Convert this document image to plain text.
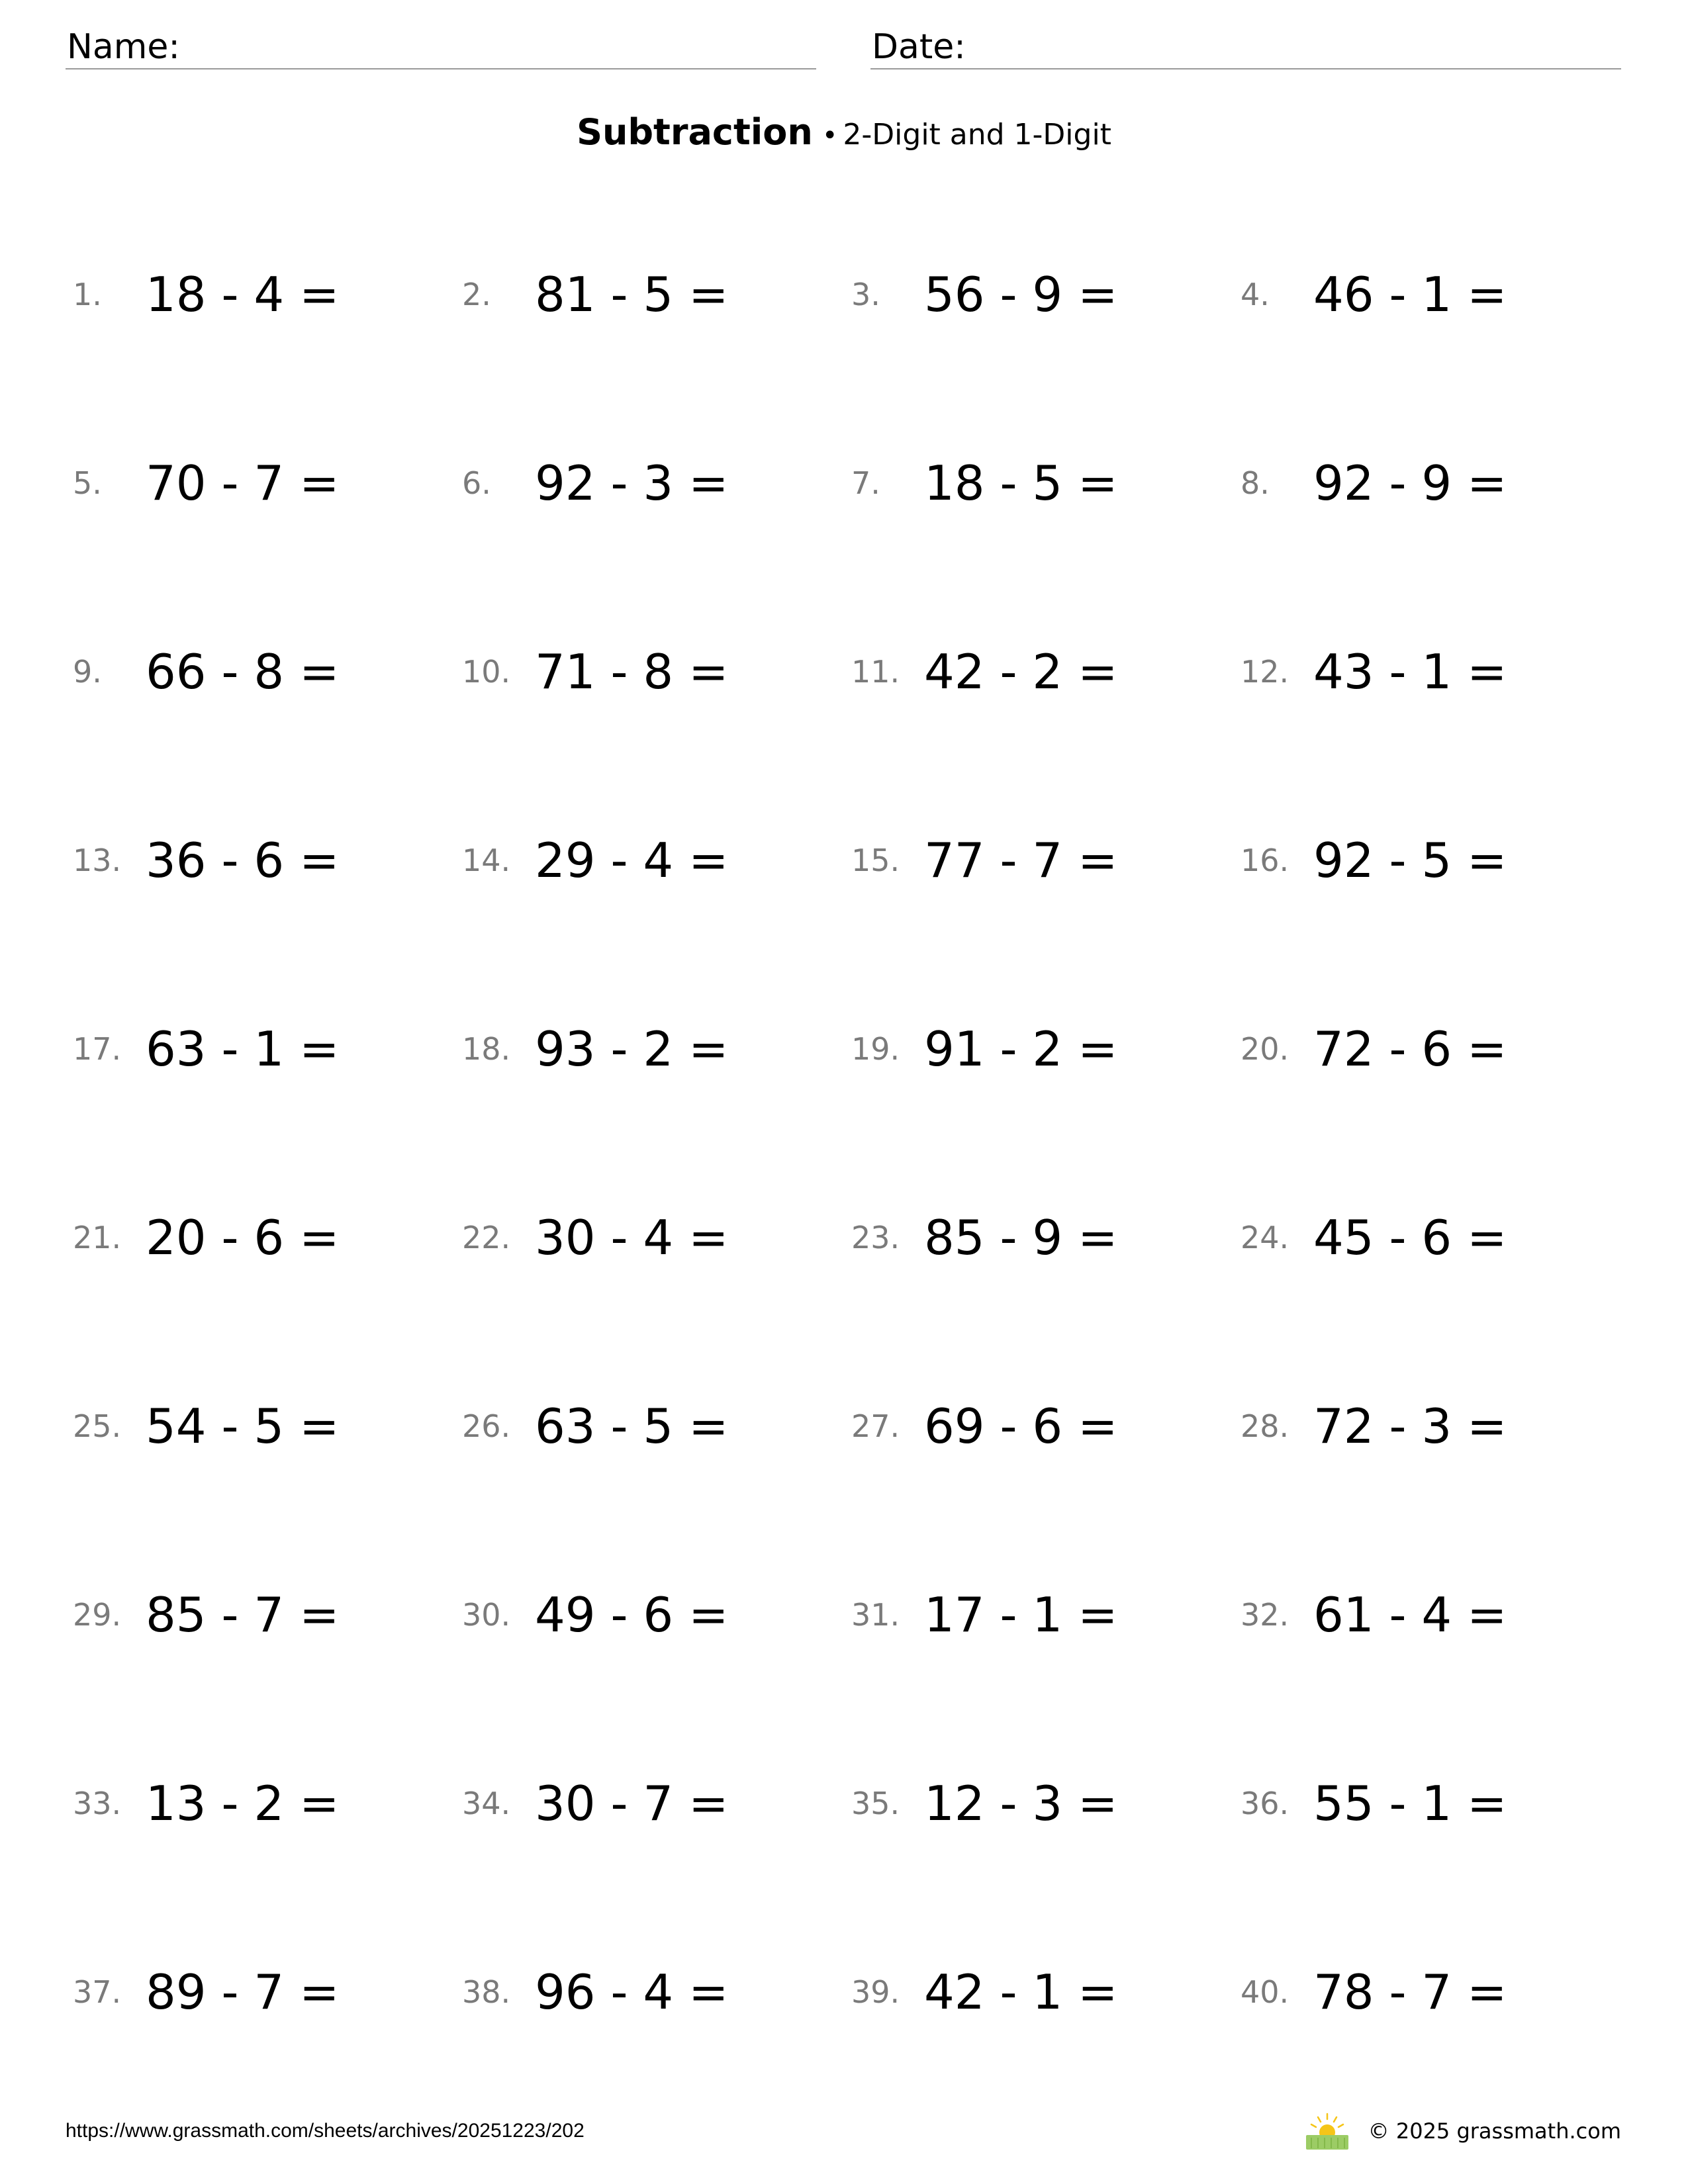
Name:	Date:
Subtraction • 2-Digit and 1-Digit
1. 18 - 4 =	2. 81 - 5 =	3. 56 - 9 =	4. 46 - 1 =
5. 70 - 7 =	6. 92 - 3 =	7. 18 - 5 =	8. 92 - 9 =
9. 66 - 8 =	10. 71 - 8 =	11. 42 - 2 =	12. 43 - 1 =
13. 36 - 6 =	14. 29 - 4 =	15. 77 - 7 =	16. 92 - 5 =
17. 63 - 1 =	18. 93 - 2 =	19. 91 - 2 =	20. 72 - 6 =
21. 20 - 6 =	22. 30 - 4 =	23. 85 - 9 =	24. 45 - 6 =
25. 54 - 5 =	26. 63 - 5 =	27. 69 - 6 =	28. 72 - 3 =
29. 85 - 7 =	30. 49 - 6 =	31. 17 - 1 =	32. 61 - 4 =
33. 13 - 2 =	34. 30 - 7 =	35. 12 - 3 =	36. 55 - 1 =
37. 89 - 7 =	38. 96 - 4 =	39. 42 - 1 =	40. 78 - 7 =
https://www.grassmath.com/sheets/archives/20251223/202	© 2025 grassmath.com
